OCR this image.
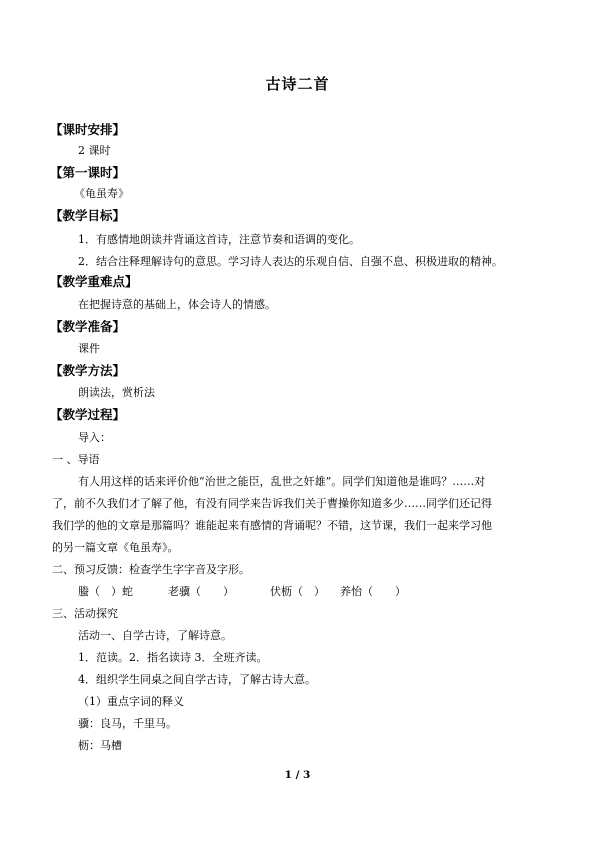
古诗二首
【课时安排】
2 课时
【第一课时】
《龟虽寿》
【教学目标】
1．有感情地朗读并背诵这首诗，注意节奏和语调的变化。
2．结合注释理解诗句的意思。学习诗人表达的乐观自信、自强不息、积极进取的精神。
【教学重难点】
在把握诗意的基础上，体会诗人的情感。
【教学准备】
课件
【教学方法】
朗读法，赏析法
【教学过程】
导入：
一 、导语
有人用这样的话来评价他“治世之能臣，乱世之奸雄”。同学们知道他是谁吗？……对
了，前不久我们才了解了他，有没有同学来告诉我们关于曹操你知道多少……同学们还记得
我们学的他的文章是那篇吗？谁能起来有感情的背诵呢？不错，这节课，我们一起来学习他
的另一篇文章《龟虽寿》。
二、预习反馈：检查学生字字音及字形。
螣（　）蛇	老骥（　　）	伏枥（　） 养怡（　　）
三、活动探究
活动一、自学古诗，了解诗意。
1．范读。2．指名读诗 3．全班齐读。
4．组织学生同桌之间自学古诗，了解古诗大意。
（1）重点字词的释义
骥：良马，千里马。
枥：马槽
1 / 3
